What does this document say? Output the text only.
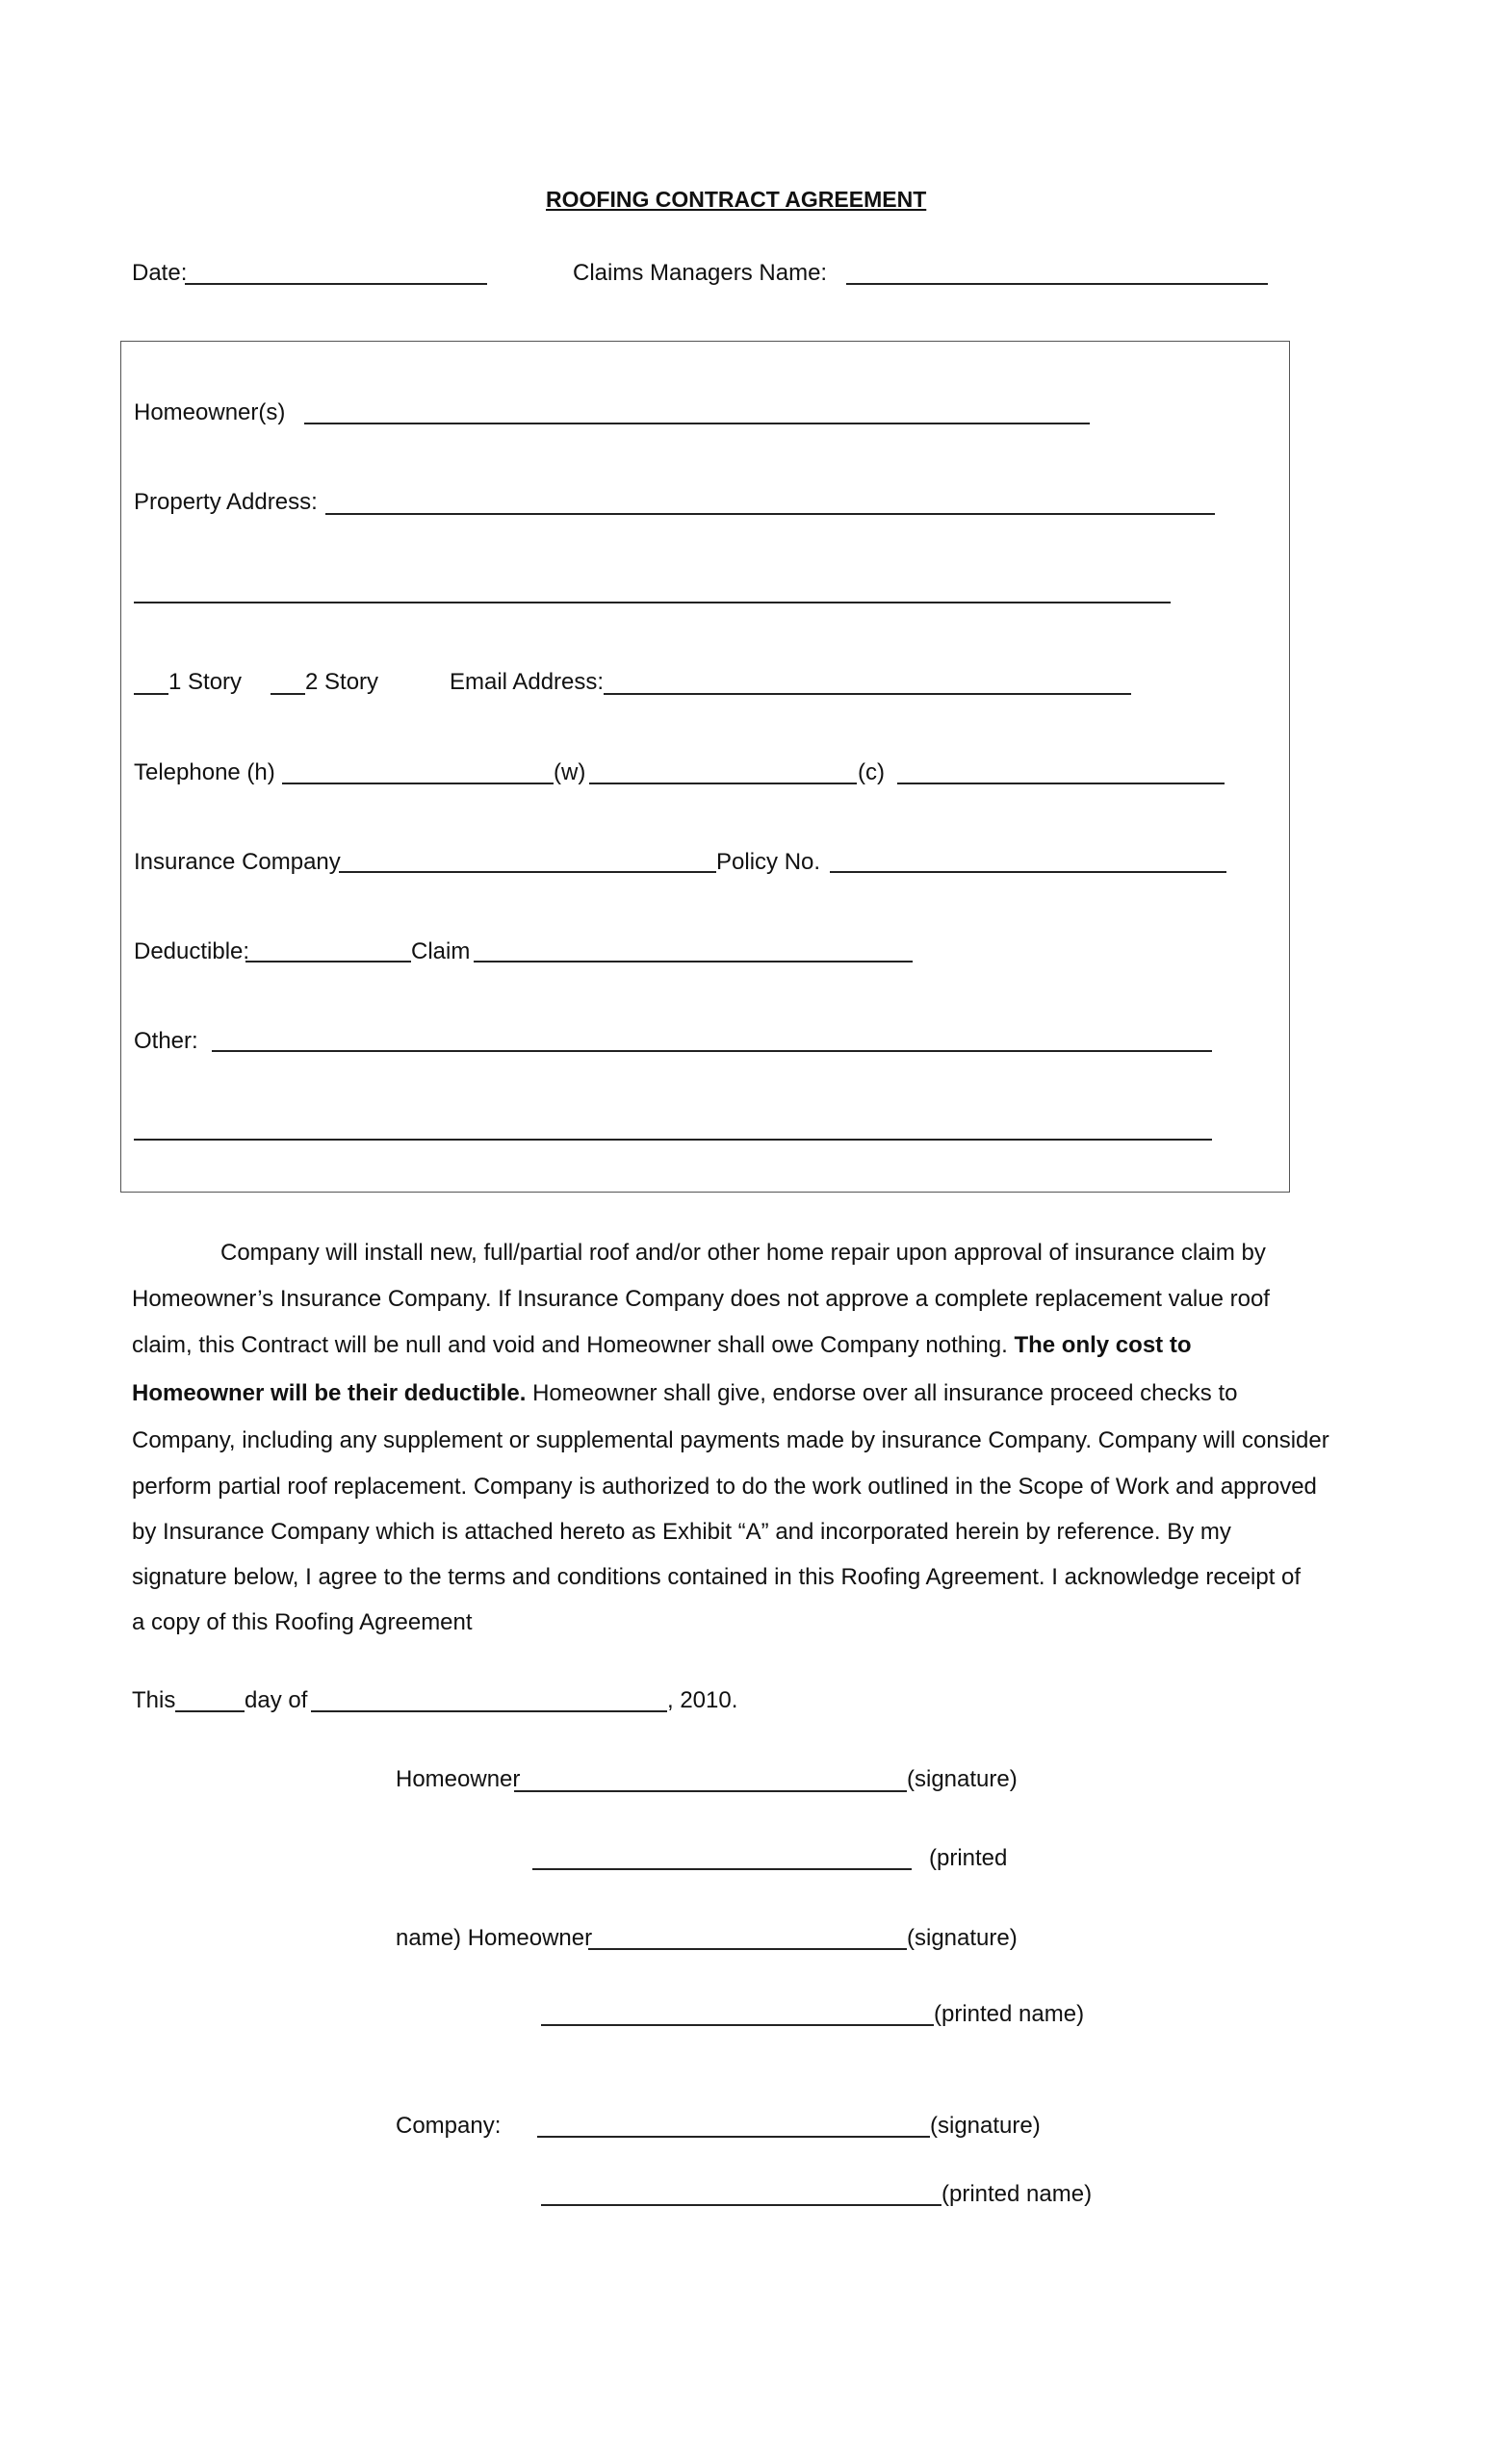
ROOFING CONTRACT AGREEMENT
Date:	Claims Managers Name:
Homeowner(s)
Property Address:
1 Story	2 Story	Email Address:
Telephone (h)	(w)	(c)
Insurance Company	Policy No.
Deductible:	Claim
Other:
Company will install new, full/partial roof and/or other home repair upon approval of insurance claim by
Homeowner’s Insurance Company. If Insurance Company does not approve a complete replacement value roof
claim, this Contract will be null and void and Homeowner shall owe Company nothing. The only cost to
Homeowner will be their deductible. Homeowner shall give, endorse over all insurance proceed checks to
Company, including any supplement or supplemental payments made by insurance Company. Company will consider
perform partial roof replacement. Company is authorized to do the work outlined in the Scope of Work and approved
by Insurance Company which is attached hereto as Exhibit “A” and incorporated herein by reference. By my
signature below, I agree to the terms and conditions contained in this Roofing Agreement. I acknowledge receipt of
a copy of this Roofing Agreement
This	day of	, 2010.
Homeowner	(signature)
(printed
name) Homeowner	(signature)
(printed name)
Company:	(signature)
(printed name)
